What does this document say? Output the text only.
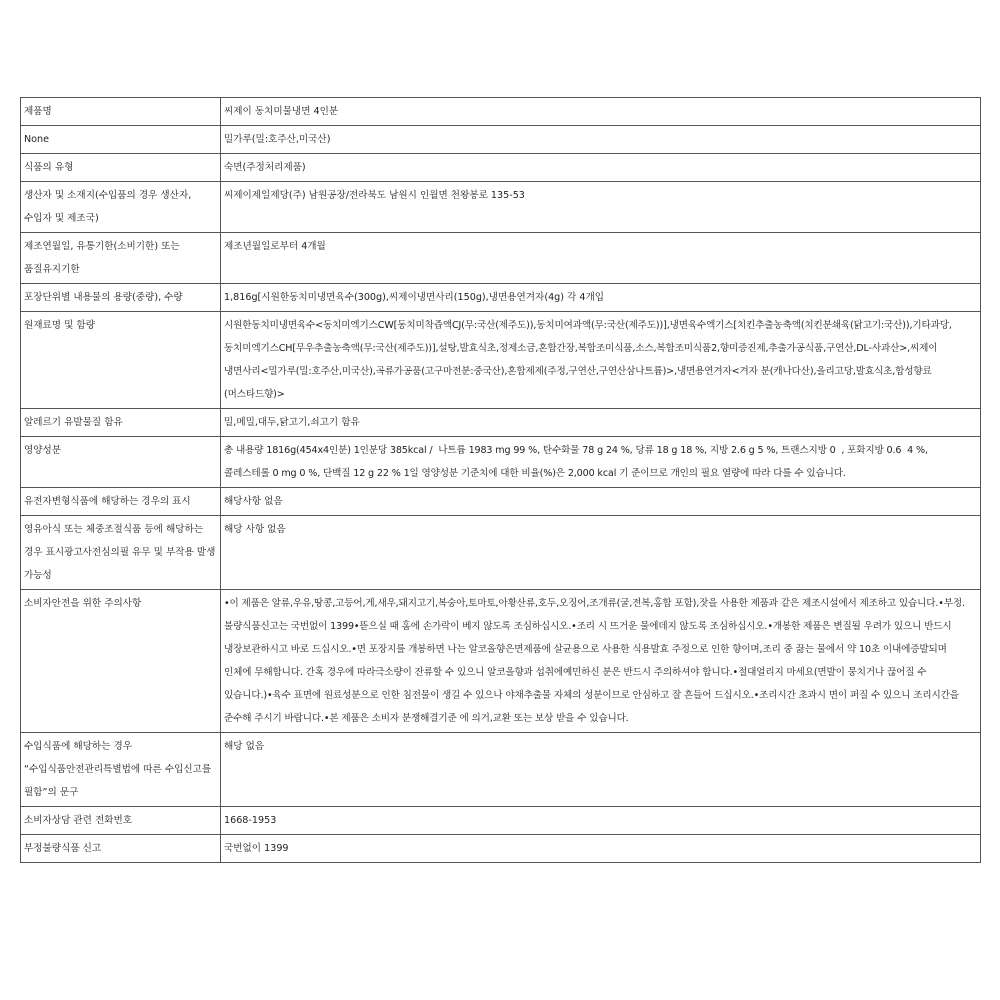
제품명	씨제이 동치미물냉면 4인분
None	밀가루(밀:호주산,미국산)
식품의 유형	숙면(주정처리제품)
생산자 및 소재지(수입품의 경우 생산자, 수입자 및 제조국)	씨제이제일제당(주) 남원공장/전라북도 남원시 인월면 천왕봉로 135-53
제조연월일, 유통기한(소비기한) 또는 품질유지기한	제조년월일로부터 4개월
포장단위별 내용물의 용량(중량), 수량	1,816g[시원한동치미냉면육수(300g),씨제이냉면사리(150g),냉면용연겨자(4g) 각 4개입
원재료명 및 함량	시원한동치미냉면육수<동치미엑기스CW[동치미착즙액CJ(무:국산(제주도)),동치미여과액(무:국산(제주도))],냉면육수엑기스[치킨추출농축액(치킨분쇄육(닭고기:국산)),기타과당,동치미엑기스CH[무우추출농축액(무:국산(제주도))],설탕,발효식초,정제소금,혼합간장,복합조미식품,소스,복합조미식품2,향미증진제,추출가공식품,구연산,DL-사과산>,씨제이 냉면사리<밀가루(밀:호주산,미국산),곡류가공품(고구마전분:중국산),혼합제제(주정,구연산,구연산삼나트륨)>,냉면용연겨자<겨자 분(캐나다산),올리고당,발효식초,합성향료(머스타드향)>
알레르기 유발물질 함유	밀,메밀,대두,닭고기,쇠고기 함유
영양성분	총 내용량 1816g(454x4인분) 1인분당 385kcal /  나트륨 1983 mg 99 %, 탄수화물 78 g 24 %, 당류 18 g 18 %, 지방 2.6 g 5 %, 트랜스지방 0  , 포화지방 0.6  4 %, 콜레스테롤 0 mg 0 %, 단백질 12 g 22 % 1일 영양성분 기준치에 대한 비율(%)은 2,000 kcal 기 준이므로 개인의 필요 열량에 따라 다를 수 있습니다.
유전자변형식품에 해당하는 경우의 표시	해당사항 없음
영유아식 또는 체중조절식품 등에 해당하는 경우 표시광고사전심의필 유무 및 부작용 발생 가능성	해당 사항 없음
소비자안전을 위한 주의사항	•이 제품은 알류,우유,땅콩,고등어,게,새우,돼지고기,복숭아,토마토,아황산류,호두,오징어,조개류(굴,전복,홍합 포함),잣을 사용한 제품과 같은 제조시설에서 제조하고 있습니다.•부정.불량식품신고는 국번없이 1399•뜯으실 때 홈에 손가락이 베지 않도록 조심하십시오.•조리 시 뜨거운 물에데지 않도록 조심하십시오.•개봉한 제품은 변질될 우려가 있으니 반드시 냉장보관하시고 바로 드십시오.•면 포장지를 개봉하면 나는 알코올향은면제품에 살균용으로 사용한 식용발효 주정으로 인한 향이며,조리 중 끓는 물에서 약 10초 이내에증발되며 인체에 무해합니다. 간혹 경우에 따라극소량이 잔류할 수 있으니 알코올향과 섭취에예민하신 분은 반드시 주의하셔야 합니다.•절대얼리지 마세요(면발이 뭉치거나 끊어질 수 있습니다.)•육수 표면에 원료성분으로 인한 침전물이 생길 수 있으나 야채추출물 자체의 성분이므로 안심하고 잘 흔들어 드십시오.•조리시간 초과시 면이 퍼질 수 있으니 조리시간을 준수해 주시기 바랍니다.•본 제품은 소비자 분쟁해결기준 에 의거,교환 또는 보상 받을 수 있습니다.
수입식품에 해당하는 경우 “수입식품안전관리특별법에 따른 수입신고를 필함”의 문구	해당 없음
소비자상담 관련 전화번호	1668-1953
부정불량식품 신고	국번없이 1399
